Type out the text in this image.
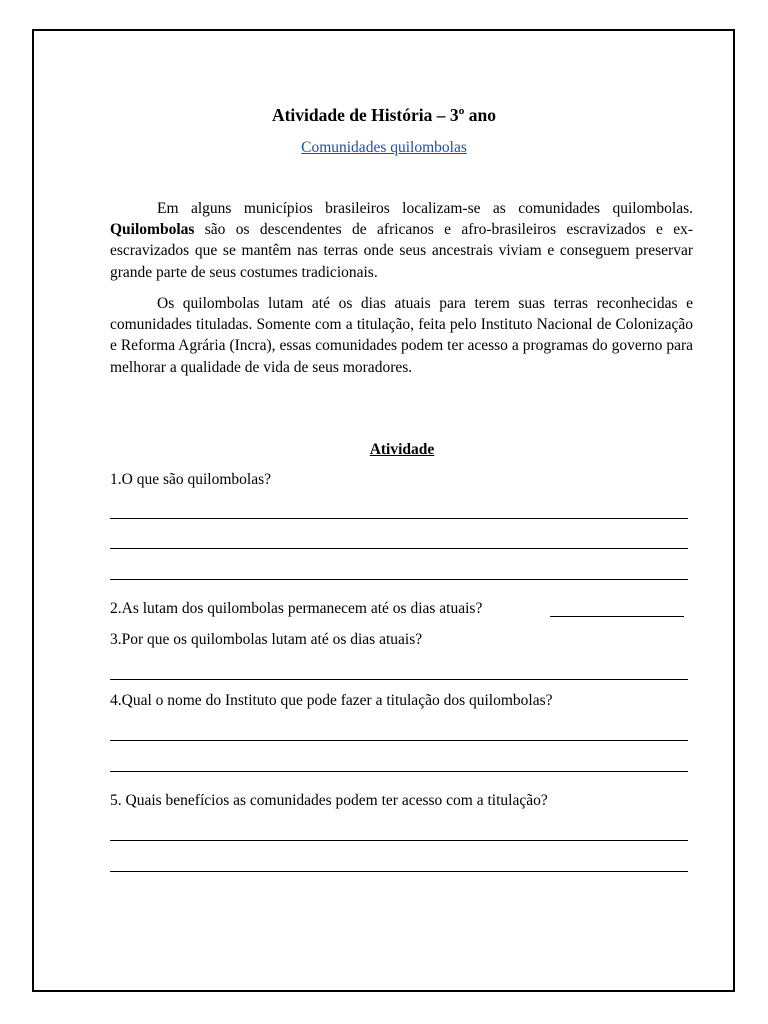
Atividade de História – 3º ano
Comunidades quilombolas

Em alguns municípios brasileiros localizam-se as comunidades quilombolas. Quilombolas são os descendentes de africanos e afro-brasileiros escravizados e ex-escravizados que se mantêm nas terras onde seus ancestrais viviam e conseguem preservar grande parte de seus costumes tradicionais.

Os quilombolas lutam até os dias atuais para terem suas terras reconhecidas e comunidades tituladas. Somente com a titulação, feita pelo Instituto Nacional de Colonização e Reforma Agrária (Incra), essas comunidades podem ter acesso a programas do governo para melhorar a qualidade de vida de seus moradores.

Atividade
1.O que são quilombolas?
2.As lutam dos quilombolas permanecem até os dias atuais?
3.Por que os quilombolas lutam até os dias atuais?
4.Qual o nome do Instituto que pode fazer a titulação dos quilombolas?
5. Quais benefícios as comunidades podem ter acesso com a titulação?
